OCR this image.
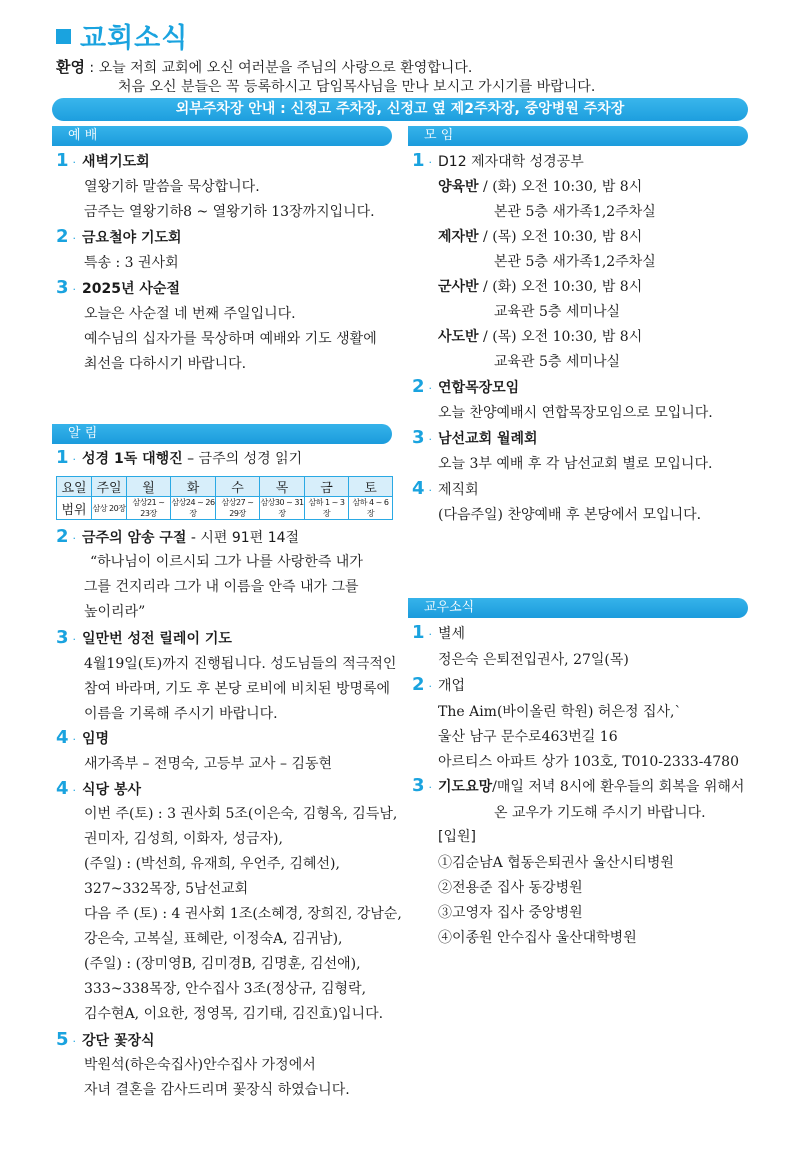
교회소식
환영 : 오늘 저희 교회에 오신 여러분을 주님의 사랑으로 환영합니다.
처음 오신 분들은 꼭 등록하시고 담임목사님을 만나 보시고 가시기를 바랍니다.
외부주차장 안내 : 신정고 주차장, 신정고 옆 제2주차장, 중앙병원 주차장
예 배
1 · 새벽기도회
열왕기하 말씀을 묵상합니다.
금주는 열왕기하8 ~ 열왕기하 13장까지입니다.
2 · 금요철야 기도회
특송 : 3 권사회
3 · 2025년 사순절
오늘은 사순절 네 번째 주일입니다.
예수님의 십자가를 묵상하며 예배와 기도 생활에
최선을 다하시기 바랍니다.
알 림
1 · 성경 1독 대행진 – 금주의 성경 읽기
요일	주일	월	화	수	목	금	토
범위	삼상 20장	삼상21 ~ 23장	삼상24 ~ 26장	삼상27 ~ 29장	삼상30 ~ 31장	삼하 1 ~ 3장	삼하 4 ~ 6장
2 · 금주의 암송 구절 - 시편 91편 14절
“하나님이 이르시되 그가 나를 사랑한즉 내가
그를 건지리라 그가 내 이름을 안즉 내가 그를
높이리라”
3 · 일만번 성전 릴레이 기도
4월19일(토)까지 진행됩니다. 성도님들의 적극적인
참여 바라며, 기도 후 본당 로비에 비치된 방명록에
이름을 기록해 주시기 바랍니다.
4 · 임명
새가족부 – 전명숙, 고등부 교사 – 김동현
4 · 식당 봉사
이번 주(토) : 3 권사회 5조(이은숙, 김형옥, 김득남,
권미자, 김성희, 이화자, 성금자),
(주일) : (박선희, 유재희, 우언주, 김혜선),
327~332목장, 5남선교회
다음 주 (토) : 4 권사회 1조(소혜경, 장희진, 강남순,
강은숙, 고복실, 표혜란, 이정숙A, 김귀남),
(주일) : (장미영B, 김미경B, 김명훈, 김선애),
333~338목장, 안수집사 3조(정상규, 김형락,
김수현A, 이요한, 정영목, 김기태, 김진효)입니다.
5 · 강단 꽃장식
박원석(하은숙집사)안수집사 가정에서
자녀 결혼을 감사드리며 꽃장식 하였습니다.
모 임
1 · D12 제자대학 성경공부
양육반 / (화) 오전 10:30, 밤 8시
본관 5층 새가족1,2주차실
제자반 / (목) 오전 10:30, 밤 8시
본관 5층 새가족1,2주차실
군사반 / (화) 오전 10:30, 밤 8시
교육관 5층 세미나실
사도반 / (목) 오전 10:30, 밤 8시
교육관 5층 세미나실
2 · 연합목장모임
오늘 찬양예배시 연합목장모임으로 모입니다.
3 · 남선교회 월례회
오늘 3부 예배 후 각 남선교회 별로 모입니다.
4 · 제직회
(다음주일) 찬양예배 후 본당에서 모입니다.
교우소식
1 · 별세
정은숙 은퇴전입권사, 27일(목)
2 · 개업
The Aim(바이올린 학원) 허은정 집사,`
울산 남구 문수로463번길 16
아르티스 아파트 상가 103호, T010-2333-4780
3 · 기도요망/매일 저녁 8시에 환우들의 회복을 위해서
온 교우가 기도해 주시기 바랍니다.
[입원]
①김순남A 협동은퇴권사 울산시티병원
②전용준 집사 동강병원
③고영자 집사 중앙병원
④이종원 안수집사 울산대학병원
